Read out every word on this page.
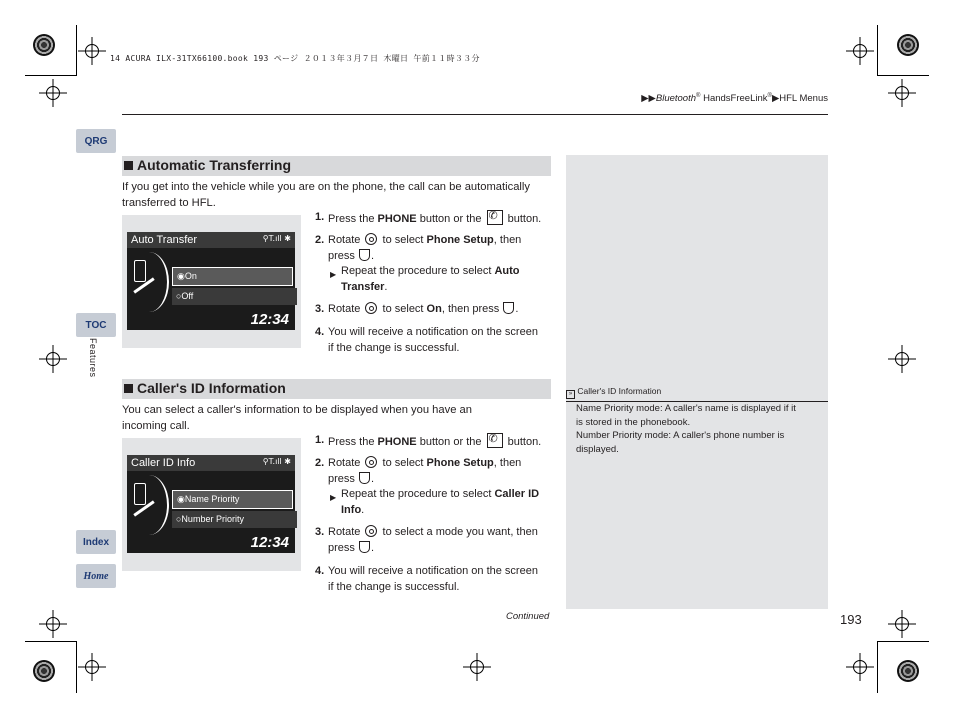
14 ACURA ILX-31TX66100.book 193 ページ ２０１３年３月７日 木曜日 午前１１時３３分
▶▶Bluetooth® HandsFreeLink®▶HFL Menus
QRG
TOC
Features
Index
Home
Automatic Transferring
If you get into the vehicle while you are on the phone, the call can be automatically
transferred to HFL.
Auto Transfer	⚲T.ıll ✱
◉On
○Off
12:34
1. Press the PHONE button or the ✆ button.
2. Rotate  to select Phone Setup, then
press .
▶ Repeat the procedure to select Auto
Transfer.
3. Rotate  to select On, then press .
4. You will receive a notification on the screen
if the change is successful.
Caller's ID Information
You can select a caller's information to be displayed when you have an
incoming call.
Caller ID Info	⚲T.ıll ✱
◉Name Priority
○Number Priority
12:34
1. Press the PHONE button or the ✆ button.
2. Rotate  to select Phone Setup, then
press .
▶ Repeat the procedure to select Caller ID
Info.
3. Rotate  to select a mode you want, then
press .
4. You will receive a notification on the screen
if the change is successful.
» Caller's ID Information
Name Priority mode: A caller's name is displayed if it
is stored in the phonebook.
Number Priority mode: A caller's phone number is
displayed.
Continued	193
